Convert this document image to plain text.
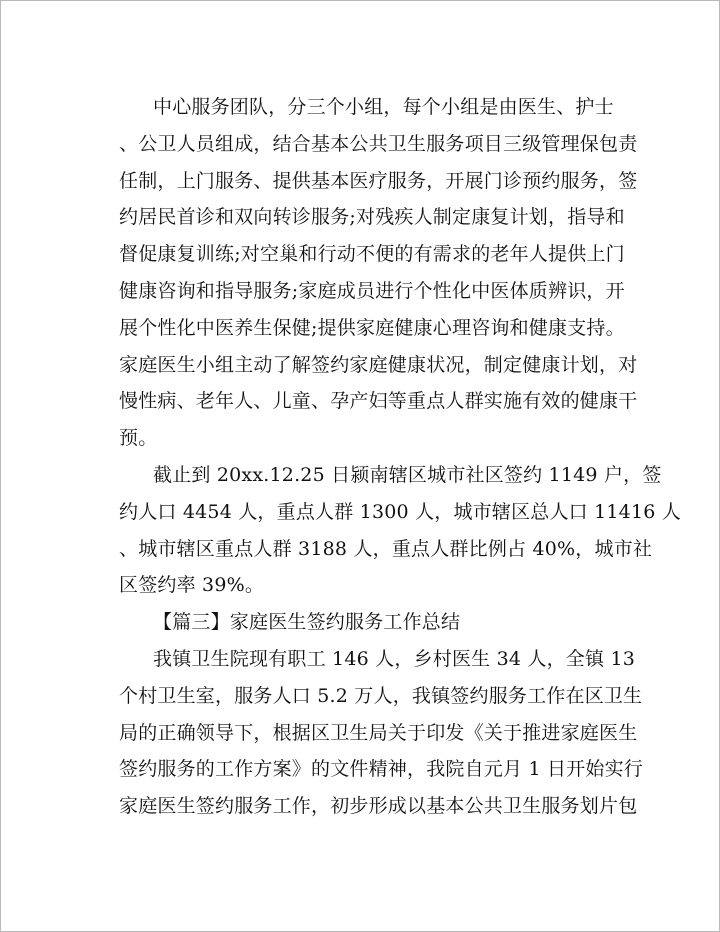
中心服务团队，分三个小组，每个小组是由医生、护士
、公卫人员组成，结合基本公共卫生服务项目三级管理保包责
任制，上门服务、提供基本医疗服务，开展门诊预约服务，签
约居民首诊和双向转诊服务;对残疾人制定康复计划，指导和
督促康复训练;对空巢和行动不便的有需求的老年人提供上门
健康咨询和指导服务;家庭成员进行个性化中医体质辨识，开
展个性化中医养生保健;提供家庭健康心理咨询和健康支持。
家庭医生小组主动了解签约家庭健康状况，制定健康计划，对
慢性病、老年人、儿童、孕产妇等重点人群实施有效的健康干
预。
截止到 20xx.12.25 日颍南辖区城市社区签约 1149 户，签
约人口 4454 人，重点人群 1300 人，城市辖区总人口 11416 人
、城市辖区重点人群 3188 人，重点人群比例占 40%，城市社
区签约率 39%。
【篇三】家庭医生签约服务工作总结
我镇卫生院现有职工 146 人，乡村医生 34 人，全镇 13
个村卫生室，服务人口 5.2 万人，我镇签约服务工作在区卫生
局的正确领导下，根据区卫生局关于印发《关于推进家庭医生
签约服务的工作方案》的文件精神，我院自元月 1 日开始实行
家庭医生签约服务工作，初步形成以基本公共卫生服务划片包
